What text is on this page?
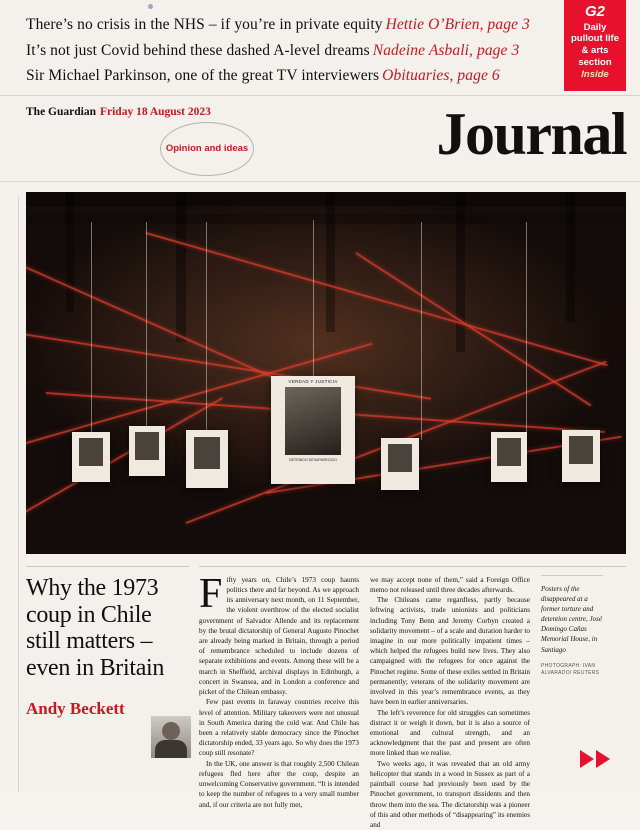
There’s no crisis in the NHS – if you’re in private equity Hettie O’Brien, page 3
It’s not just Covid behind these dashed A-level dreams Nadeine Asbali, page 3
Sir Michael Parkinson, one of the great TV interviewers Obituaries, page 6
G2
Daily pullout life & arts section
Inside
The Guardian Friday 18 August 2023	Journal
Opinion and ideas
VERDAD Y JUSTICIA
DETENIDO DESAPARECIDO
Why the 1973 coup in Chile still matters – even in Britain
Andy Beckett
F ifty years on, Chile’s 1973 coup haunts politics there and far beyond. As we approach its anniversary next month, on 11 September, the violent overthrow of the elected socialist government of Salvador Allende and its replacement by the brutal dictatorship of General Augusto Pinochet are already being marked in Britain, through a period of remembrance scheduled to include dozens of separate exhibitions and events. Among these will be a march in Sheffield, archival displays in Edinburgh, a concert in Swansea, and in London a conference and picket of the Chilean embassy.

Few past events in faraway countries receive this level of attention. Military takeovers were not unusual in South America during the cold war. And Chile has been a relatively stable democracy since the Pinochet dictatorship ended, 33 years ago. So why does the 1973 coup still resonate?

In the UK, one answer is that roughly 2,500 Chilean refugees fled here after the coup, despite an unwelcoming Conservative government. “It is intended to keep the number of refugees to a very small number and, if our criteria are not fully met,

we may accept none of them,” said a Foreign Office memo not released until three decades afterwards.

The Chileans came regardless, partly because leftwing activists, trade unionists and politicians including Tony Benn and Jeremy Corbyn created a solidarity movement – of a scale and duration harder to imagine in our more politically impatient times – which helped the refugees build new lives. They also campaigned with the refugees for once against the Pinochet regime. Some of these exiles settled in Britain permanently; veterans of the solidarity movement are involved in this year’s remembrance events, as they have been in earlier anniversaries.

The left’s reverence for old struggles can sometimes distract it or weigh it down, but it is also a source of emotional and cultural strength, and an acknowledgment that the past and present are often more linked than we realise.

Two weeks ago, it was revealed that an old army helicopter that stands in a wood in Sussex as part of a paintball course had previously been used by the Pinochet government, to transport dissidents and then throw them into the sea. The dictatorship was a pioneer of this and other methods of “disappearing” its enemies and

Posters of the disappeared at a former torture and detention centre, José Domingo Cañas Memorial House, in Santiago
PHOTOGRAPH: IVAN ALVARADO/ REUTERS
